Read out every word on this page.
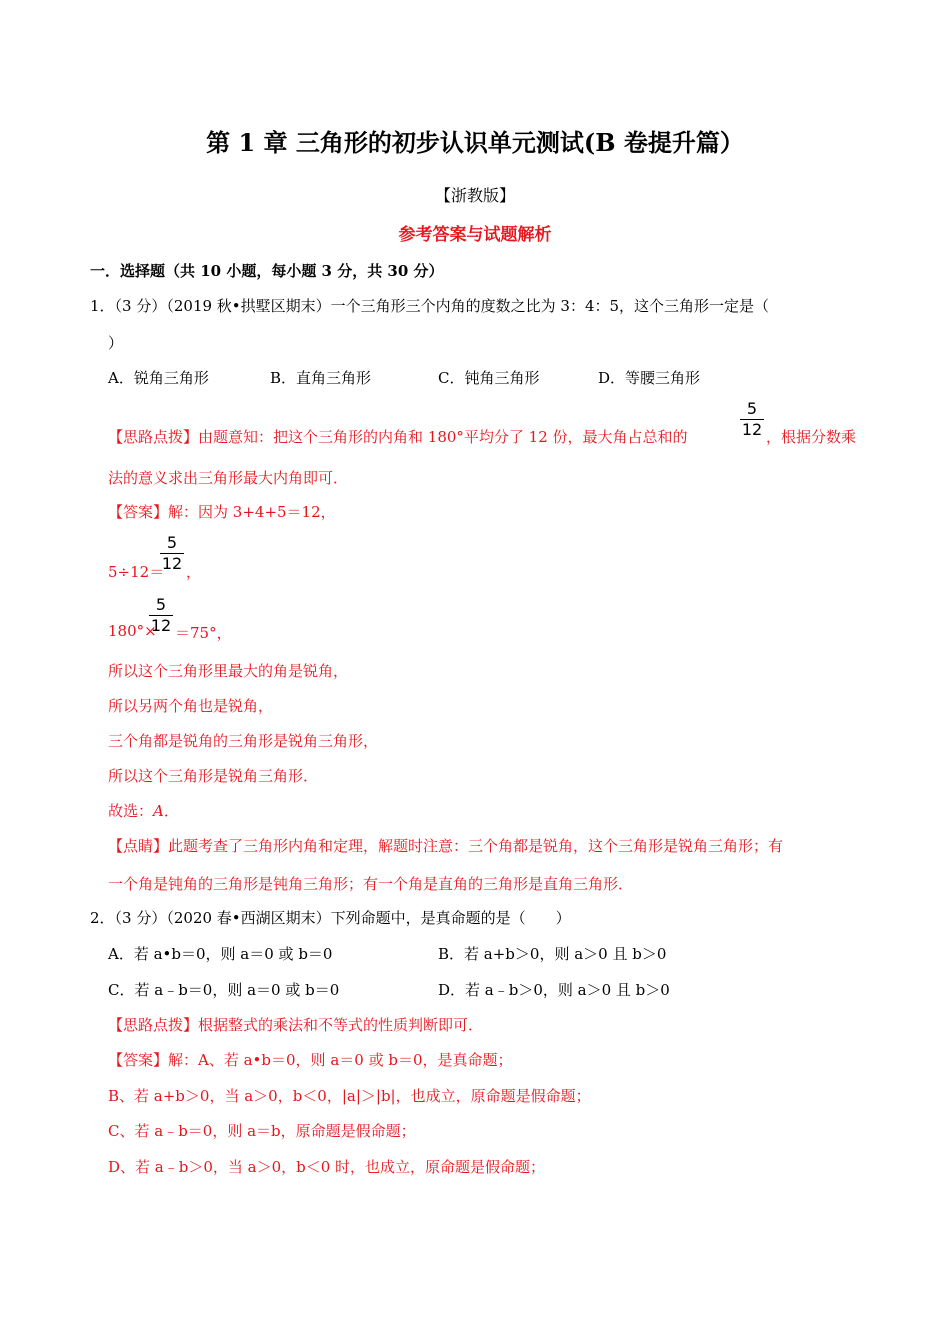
第 1 章 三角形的初步认识单元测试(B 卷提升篇）
【浙教版】
参考答案与试题解析
一．选择题（共 10 小题，每小题 3 分，共 30 分）
1．（3 分）（2019 秋•拱墅区期末）一个三角形三个内角的度数之比为 3：4：5，这个三角形一定是（
）
A．锐角三角形	B．直角三角形	C．钝角三角形	D．等腰三角形
【思路点拨】由题意知：把这个三角形的内角和 180°平均分了 12 份，最大角占总和的
5
12 ，根据分数乘
法的意义求出三角形最大内角即可．
【答案】解：因为 3+4+5＝12，
5
12
5÷12＝ ，
5
12
180°× ＝75°，
所以这个三角形里最大的角是锐角，
所以另两个角也是锐角，
三个角都是锐角的三角形是锐角三角形，
所以这个三角形是锐角三角形．
故选：A．
【点睛】此题考查了三角形内角和定理，解题时注意：三个角都是锐角，这个三角形是锐角三角形；有
一个角是钝角的三角形是钝角三角形；有一个角是直角的三角形是直角三角形．
2．（3 分）（2020 春•西湖区期末）下列命题中，是真命题的是（　　）
A．若 a•b＝0，则 a＝0 或 b＝0	B．若 a+b＞0，则 a＞0 且 b＞0
C．若 a﹣b＝0，则 a＝0 或 b＝0	D．若 a﹣b＞0，则 a＞0 且 b＞0
【思路点拨】根据整式的乘法和不等式的性质判断即可．
【答案】解：A、若 a•b＝0，则 a＝0 或 b＝0，是真命题；
B、若 a+b＞0，当 a＞0，b＜0，|a|＞|b|，也成立，原命题是假命题；
C、若 a﹣b＝0，则 a＝b，原命题是假命题；
D、若 a﹣b＞0，当 a＞0，b＜0 时，也成立，原命题是假命题；
